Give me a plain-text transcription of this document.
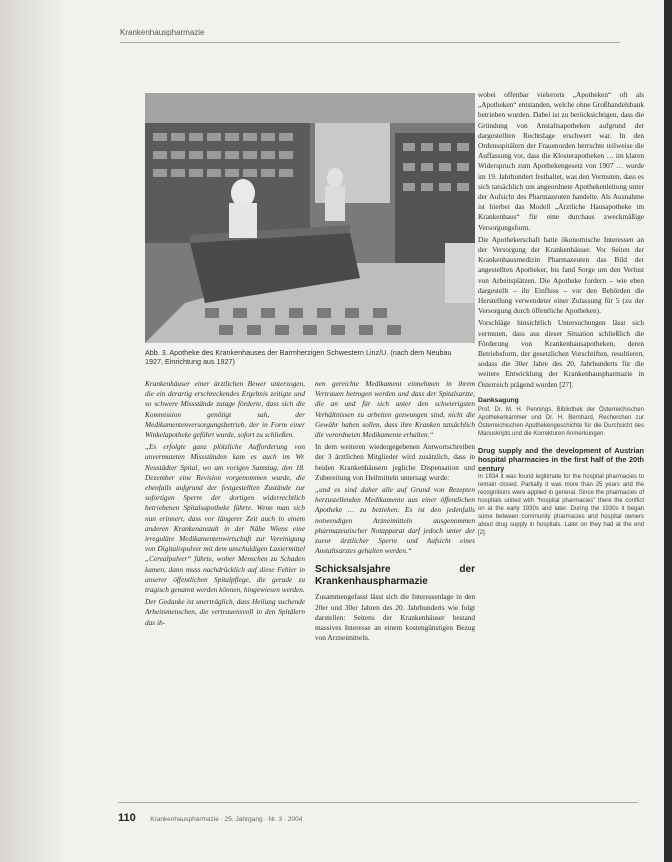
Krankenhauspharmazie
Abb. 3. Apotheke des Krankenhauses der Barmherzigen Schwestern Linz/U. (nach dem Neubau 1927, Einrichtung aus 1927)

Krankenhäuser einer ärztlichen Bewer unterzogen, die ein derartig erschreckendes Ergebnis zeitigte und so schwere Missstände zutage förderte, dass sich die Kommission genötigt sah, der Medikamentenversorgungsbetrieb, der in Form einer Winkelapotheke geführt wurde, sofort zu schließen.

„Es erfolgte ganz plötzliche Aufforderung von unvermuteten Missständen kam es auch im Wr. Neustädter Spital, wo am vorigen Samstag, den 18. Dezember eine Revision vorgenommen wurde, die ebenfalls aufgrund der festgestellten Zustände zur sofortigen Sperre der dortigen widerrechtlich betriebenen Spitalsapotheke führte. Wenn man sich nun erinnert, dass vor längerer Zeit auch in einem anderen Krankenanstalt in der Nähe Wiens eine irreguläre Medikamentenwirtschaft zur Vereinigung von Digitalispulver mit dem unschuldigen Laxiermittel „Cerealpulver“ führte, woher Menschen zu Schaden kamen, dann muss nachdrücklich auf diese Fehler in unserer öffentlichen Spitalpflege, die gerade zu tragisch genannt werden können, hingewiesen werden.

Der Gedanke ist unerträglich, dass Heilung suchende Arbeitsmenschen, die vertrauensvoll in den Spitälern das ih-

nen gereichte Medikament einnehmen in ihrem Vertrauen betrogen werden und dass der Spitalsarzte, die an und für sich unter den schwierigsten Verhältnissen zu arbeiten gezwungen sind, nicht die Gewähr haben sollen, dass ihre Kranken tatsächlich die verordneten Medikamente erhalten.“

In dem weiteren wiedergegebenen Antwortschreiben der 3 ärztlichen Mitglieder wird zusätzlich, dass in beiden Krankenhäusern jegliche Dispensation und Zubereitung von Heilmitteln untersagt wurde:

„und es sind daher alle auf Grund von Rezepten herzustellenden Medikamente aus einer öffentlichen Apotheke … zu beziehen. Es ist den jedenfalls notwendigen Arzneimitteln ausgenommen pharmazeutischer Notapparat darf jedoch unter der zuvor ärztlicher Sperre und Aufsicht eines Anstaltsarztes gehalten werden.“

Schicksalsjahre der Krankenhauspharmazie

Zusammengefasst lässt sich die Interessenlage in den 20er und 30er Jahren des 20. Jahrhunderts wie folgt darstellen: Seitens der Krankenhäuser bestand massives Interesse an einem kostengünstigen Bezug von Arzneimitteln.

wobei offenbar vielerorts „Apotheken“ oft als „Apotheken“ entstanden, welche ohne Großhandelsbank betrieben wurden. Dabei ist zu berücksichtigen, dass die Gründung von Anstaltsapotheken aufgrund der dargestellten Rechtslage erschwert war. In den Ordensspitälern der Frauenorden herrschte teilweise die Auffassung vor, dass die Klosterapotheken … im klaren Widerspruch zum Apothekengesetz von 1907 … wurde im 19. Jahrhundert festhaltet, was den Vermuten, dass es sich tatsächlich um angeordnete Apothekenleitung unter der Aufsicht des Pharmazeuten handelte. Als Ausnahme ist hierbei das Modell „Ärztliche Hausapotheke im Krankenhaus“ für eine durchaus zweckmäßige Versorgungsform.

Die Apothekerschaft hatte ökonomische Interessen an der Versorgung der Krankenhäuser. Vor Seiten der Krankenhausmedizin Pharmazeuten das Bild der angestellten Apotheker, bis fand Sorge um den Verlust von Arbeitsplätzen. Die Apotheke fordern – wie eben dargestellt – ihr Einfluss – vor den Behörden die Herstellung verwendeter einer Zulassung für 5 (zu der Versorgung durch öffentliche Apotheken).

Vorschläge hinsichtlich Untersuchungen lässt sich vermuten, dass aus dieser Situation schließlich die Förderung von Krankenhausapotheken, deren Betriebsform, der gesetzlichen Vorschriften, resultieren, sodass die 30er Jahre des 20. Jahrhunderts für die weitere Entwicklung der Krankenhauspharmazie in Österreich prägend wurden [27].

Danksagung
Prof. Dr. M. H. Pennings, Bibliothek der Österreichischen Apothekerkammer und Dr. H. Bernhard, Recherchen zur Österreichischen Apothekengeschichte für die Durchsicht des Manuskripts und die Korrekturen Anmerkungen.
Drug supply and the development of Austrian hospital pharmacies in the first half of the 20th century
In 1934 it was found legitimate for the hospital pharmacies to remain closed. Partially it was more than 25 years and the recognitions were applied in general. Since the pharmacies of hospitals united with “hospital pharmacies” there the conflict on at the early 1930s and later. During the 1930s it began some between community pharmacies and hospital owners about drug supply in hospitals. Later on they had at the end [2].
110 Krankenhauspharmazie · 25. Jahrgang · Nr. 3 · 2004
